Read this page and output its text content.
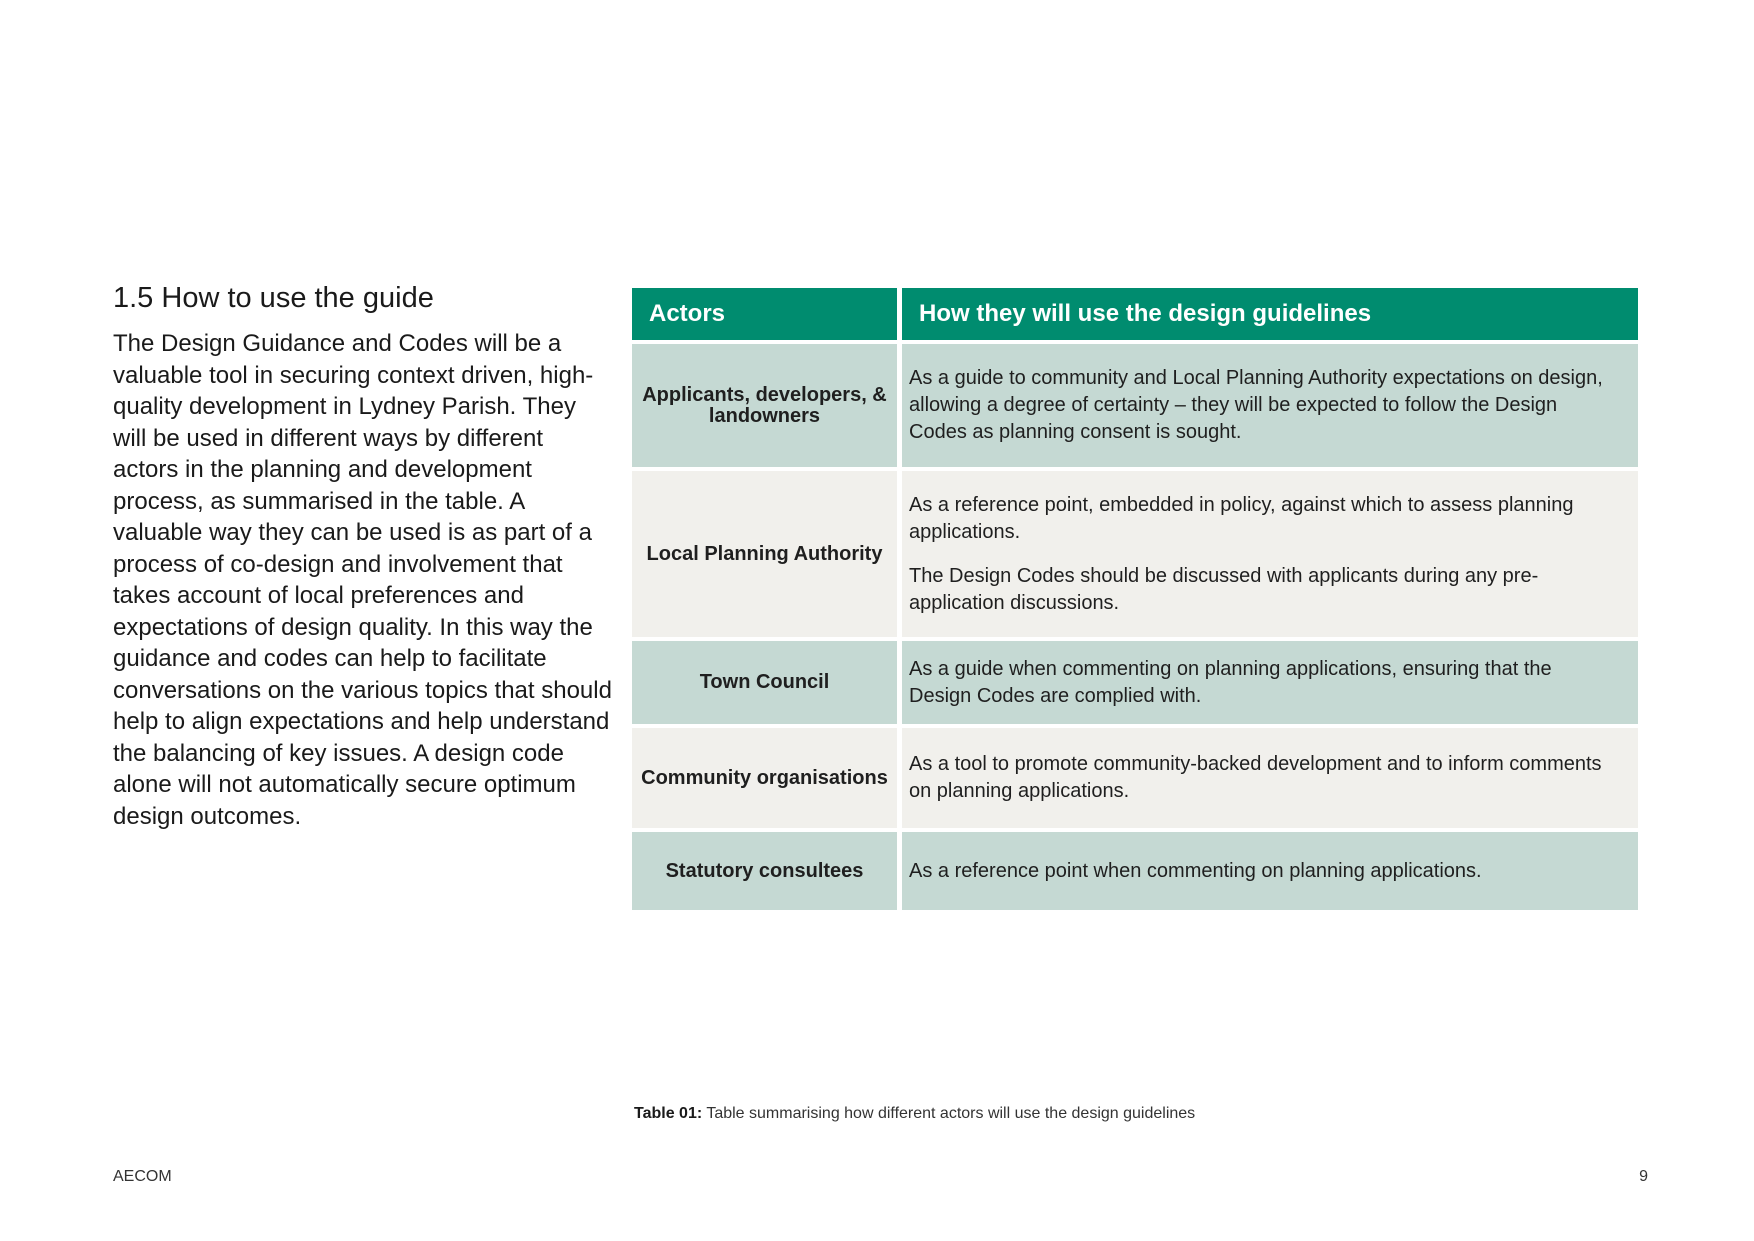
1.5 How to use the guide

The Design Guidance and Codes will be a valuable tool in securing context driven, high-quality development in Lydney Parish. They will be used in different ways by different actors in the planning and development process, as summarised in the table. A valuable way they can be used is as part of a process of co-design and involvement that takes account of local preferences and expectations of design quality. In this way the guidance and codes can help to facilitate conversations on the various topics that should help to align expectations and help understand the balancing of key issues. A design code alone will not automatically secure optimum design outcomes.

Actors	How they will use the design guidelines
Applicants, developers, & landowners	As a guide to community and Local Planning Authority expectations on design, allowing a degree of certainty – they will be expected to follow the Design Codes as planning consent is sought.

Local Planning Authority	As a reference point, embedded in policy, against which to assess planning applications.

The Design Codes should be discussed with applicants during any pre-application discussions.

Town Council	As a guide when commenting on planning applications, ensuring that the Design Codes are complied with.

Community organisations	As a tool to promote community-backed development and to inform comments on planning applications.

Statutory consultees	As a reference point when commenting on planning applications.

Table 01: Table summarising how different actors will use the design guidelines
AECOM	9
